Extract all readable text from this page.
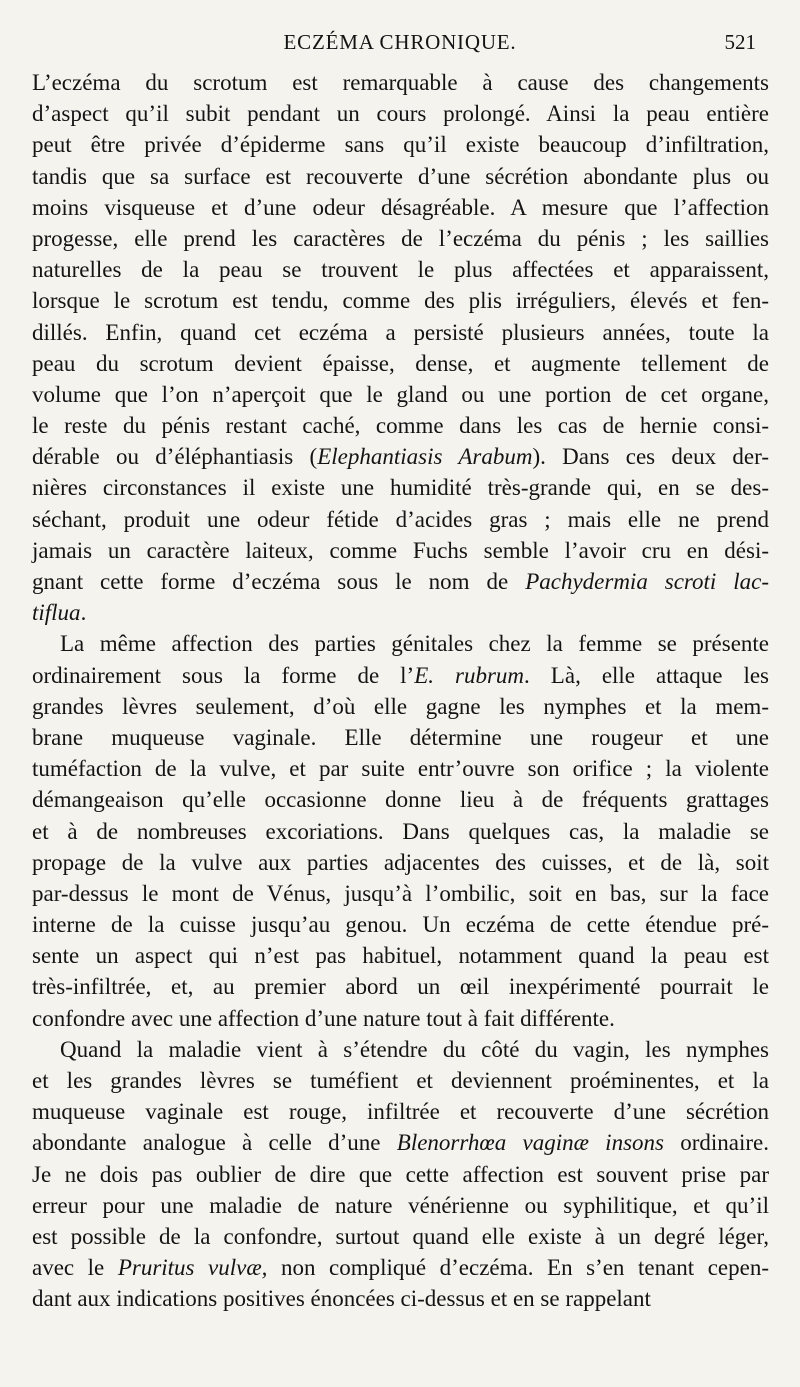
ECZÉMA CHRONIQUE.	521
L’eczéma du scrotum est remarquable à cause des changements
d’aspect qu’il subit pendant un cours prolongé. Ainsi la peau entière
peut être privée d’épiderme sans qu’il existe beaucoup d’infiltration,
tandis que sa surface est recouverte d’une sécrétion abondante plus ou
moins visqueuse et d’une odeur désagréable. A mesure que l’affection
progesse, elle prend les caractères de l’eczéma du pénis ; les saillies
naturelles de la peau se trouvent le plus affectées et apparaissent,
lorsque le scrotum est tendu, comme des plis irréguliers, élevés et fen-
dillés. Enfin, quand cet eczéma a persisté plusieurs années, toute la
peau du scrotum devient épaisse, dense, et augmente tellement de
volume que l’on n’aperçoit que le gland ou une portion de cet organe,
le reste du pénis restant caché, comme dans les cas de hernie consi-
dérable ou d’éléphantiasis (Elephantiasis Arabum). Dans ces deux der-
nières circonstances il existe une humidité très-grande qui, en se des-
séchant, produit une odeur fétide d’acides gras ; mais elle ne prend
jamais un caractère laiteux, comme Fuchs semble l’avoir cru en dési-
gnant cette forme d’eczéma sous le nom de Pachydermia scroti lac-
tiflua.
La même affection des parties génitales chez la femme se présente
ordinairement sous la forme de l’E. rubrum. Là, elle attaque les
grandes lèvres seulement, d’où elle gagne les nymphes et la mem-
brane muqueuse vaginale. Elle détermine une rougeur et une
tuméfaction de la vulve, et par suite entr’ouvre son orifice ; la violente
démangeaison qu’elle occasionne donne lieu à de fréquents grattages
et à de nombreuses excoriations. Dans quelques cas, la maladie se
propage de la vulve aux parties adjacentes des cuisses, et de là, soit
par-dessus le mont de Vénus, jusqu’à l’ombilic, soit en bas, sur la face
interne de la cuisse jusqu’au genou. Un eczéma de cette étendue pré-
sente un aspect qui n’est pas habituel, notamment quand la peau est
très-infiltrée, et, au premier abord un œil inexpérimenté pourrait le
confondre avec une affection d’une nature tout à fait différente.
Quand la maladie vient à s’étendre du côté du vagin, les nymphes
et les grandes lèvres se tuméfient et deviennent proéminentes, et la
muqueuse vaginale est rouge, infiltrée et recouverte d’une sécrétion
abondante analogue à celle d’une Blenorrhœa vaginæ insons ordinaire.
Je ne dois pas oublier de dire que cette affection est souvent prise par
erreur pour une maladie de nature vénérienne ou syphilitique, et qu’il
est possible de la confondre, surtout quand elle existe à un degré léger,
avec le Pruritus vulvæ, non compliqué d’eczéma. En s’en tenant cepen-
dant aux indications positives énoncées ci-dessus et en se rappelant
